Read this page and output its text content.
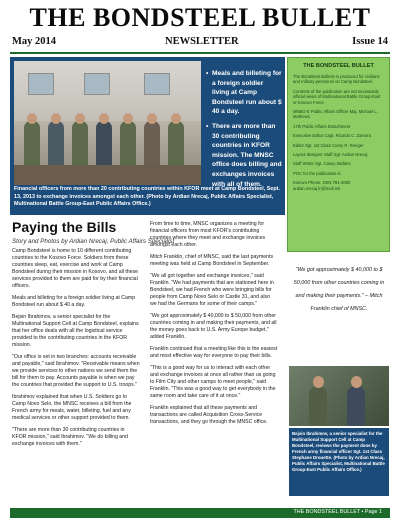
THE BONDSTEEL BULLET
May 2014	NEWSLETTER	Issue 14
• Meals and billeting for a foreign soldier living at Camp Bondsteel run about $ 40 a day.
• There are more than 30 contributing countries in KFOR mission. The MNSC office does billing and exchanges invoices with all of them.
Financial officers from more than 20 contributing countries within KFOR meet at Camp Bondsteel, Sept. 13, 2013 to exchange invoices amongst each other. (Photo by Ardian Nrecaj, Public Affairs Specialist, Multinational Battle Group-East Public Affairs Office.)
THE BONDSTEEL BULLET
The Bondsteel Bulletin is produced for civilians and military personnel on Camp Bondsteel.
Contents of the publication are not necessarily official views of Multinational Battle Group-East or Kosovo Force.
MNBG-E Public Affairs Officer Maj. Michael L. Mathews
17th Public Affairs Detachment
Executive Editor Capt. Ricardo C. Zamora
Editor Sgt. 1st Class Corey R. Reeger
Layout designer Staff Sgt. Ardian Nrecaj
Staff Writer Sgt. Casey Walters
POC for the publication is
Kosovo Phone: DSN 781-4060 ardian.nrecaj.ln@mail.mil
"We got approximately $ 40,000 to $ 50,000 from other countries coming in and making their payments." – Mitch Franklin chief of MNSC.
Paying the Bills
Story and Photos by Ardian Nrecaj, Public Affairs Specialist

Camp Bondsteel is home to 10 different contributing countries to the Kosovo Force. Soldiers from these countries sleep, eat, exercise and work at Camp Bondsteel during their mission in Kosovo, and all these services provided to them are paid for by their financial officers.

Meals and billeting for a foreign soldier living at Camp Bondsteel run about $ 40 a day.

Bejsin Ibrahimov, a senior specialist for the Multinational Support Cell at Camp Bondsteel, explains that her office deals with all the logistical service provided to the contributing countries in the KFOR mission.

"Our office is set in two branches: accounts receivable and payable," said Ibrahimov. "Receivable means when we provide services to other nations we send them the bill for them to pay. Accounts payable is when we pay the countries that provided the support to U.S. troops."

Ibrahimov explained that when U.S. Soldiers go to Camp Novo Selo, the MNSC receives a bill from the French army for meals, water, billeting, fuel and any medical services or other support provided to them.

"There are more than 30 contributing countries in KFOR mission," said Ibrahimov. "We do billing and exchange invoices with them."

From time to time, MNSC organizes a meeting for financial officers from most KFOR's contributing countries where they meet and exchange invoices amongst each other.

Mitch Franklin, chief of MNSC, said the last payments meeting was held at Camp Bondsteel in September.

"We all got together and exchange invoices," said Franklin. "We had payments that are stationed here in Bondsteel, we had French who were bringing bills for people from Camp Novo Selo or Castle 31, and also we had the Germans for some of their camps."

"We got approximately $ 40,000 to $ 50,000 from other countries coming in and making their payments, and all the money goes back to U.S. Army Europe budget," added Franklin.

Franklin continued that a meeting like this is the easiest and most effective way for everyone to pay their bills.

"This is a good way for us to interact with each other and exchange invoices at once all rather than us going to Film City and other camps to meet people," said Franklin. "This was a good way to get everybody in the same room and take care of it at once."

Franklin explained that all these payments and transactions are called Acquisition Cross-Service transactions, and they go through the MNSC office.

Bejsin Ibrahimov, a senior specialist for the Multinational Support Cell at Camp Bondsteel, reviews the payment done by French army financial officer Sgt. 1st Class Stephane Drouette. (Photo by Ardian Nrecaj, Public Affairs Specialist, Multinational Battle Group-East Public Affairs Office.)
THE BONDSTEEL BULLET • Page 1
